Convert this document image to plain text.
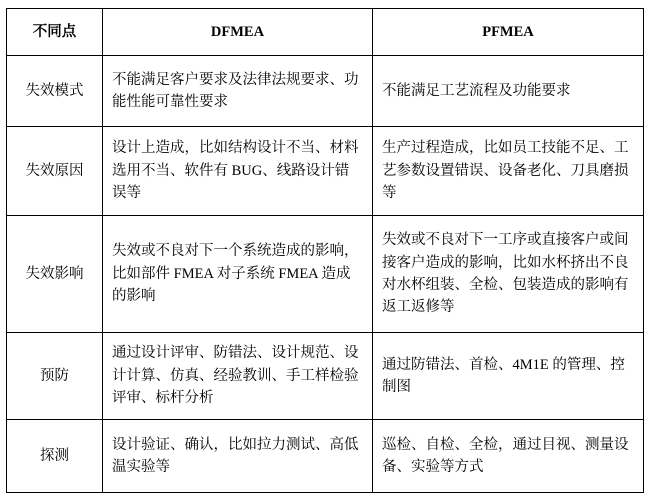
不同点	DFMEA	PFMEA
失效模式	不能满足客户要求及法律法规要求、功能性能可靠性要求	不能满足工艺流程及功能要求
失效原因	设计上造成，比如结构设计不当、材料选用不当、软件有 BUG、线路设计错误等	生产过程造成，比如员工技能不足、工艺参数设置错误、设备老化、刀具磨损等
失效影响	失效或不良对下一个系统造成的影响，比如部件 FMEA 对子系统 FMEA 造成的影响	失效或不良对下一工序或直接客户或间接客户造成的影响，比如水杯挤出不良对水杯组装、全检、包装造成的影响有返工返修等
预防	通过设计评审、防错法、设计规范、设计计算、仿真、经验教训、手工样检验评审、标杆分析	通过防错法、首检、4M1E 的管理、控制图
探测	设计验证、确认，比如拉力测试、高低温实验等	巡检、自检、全检，通过目视、测量设备、实验等方式
